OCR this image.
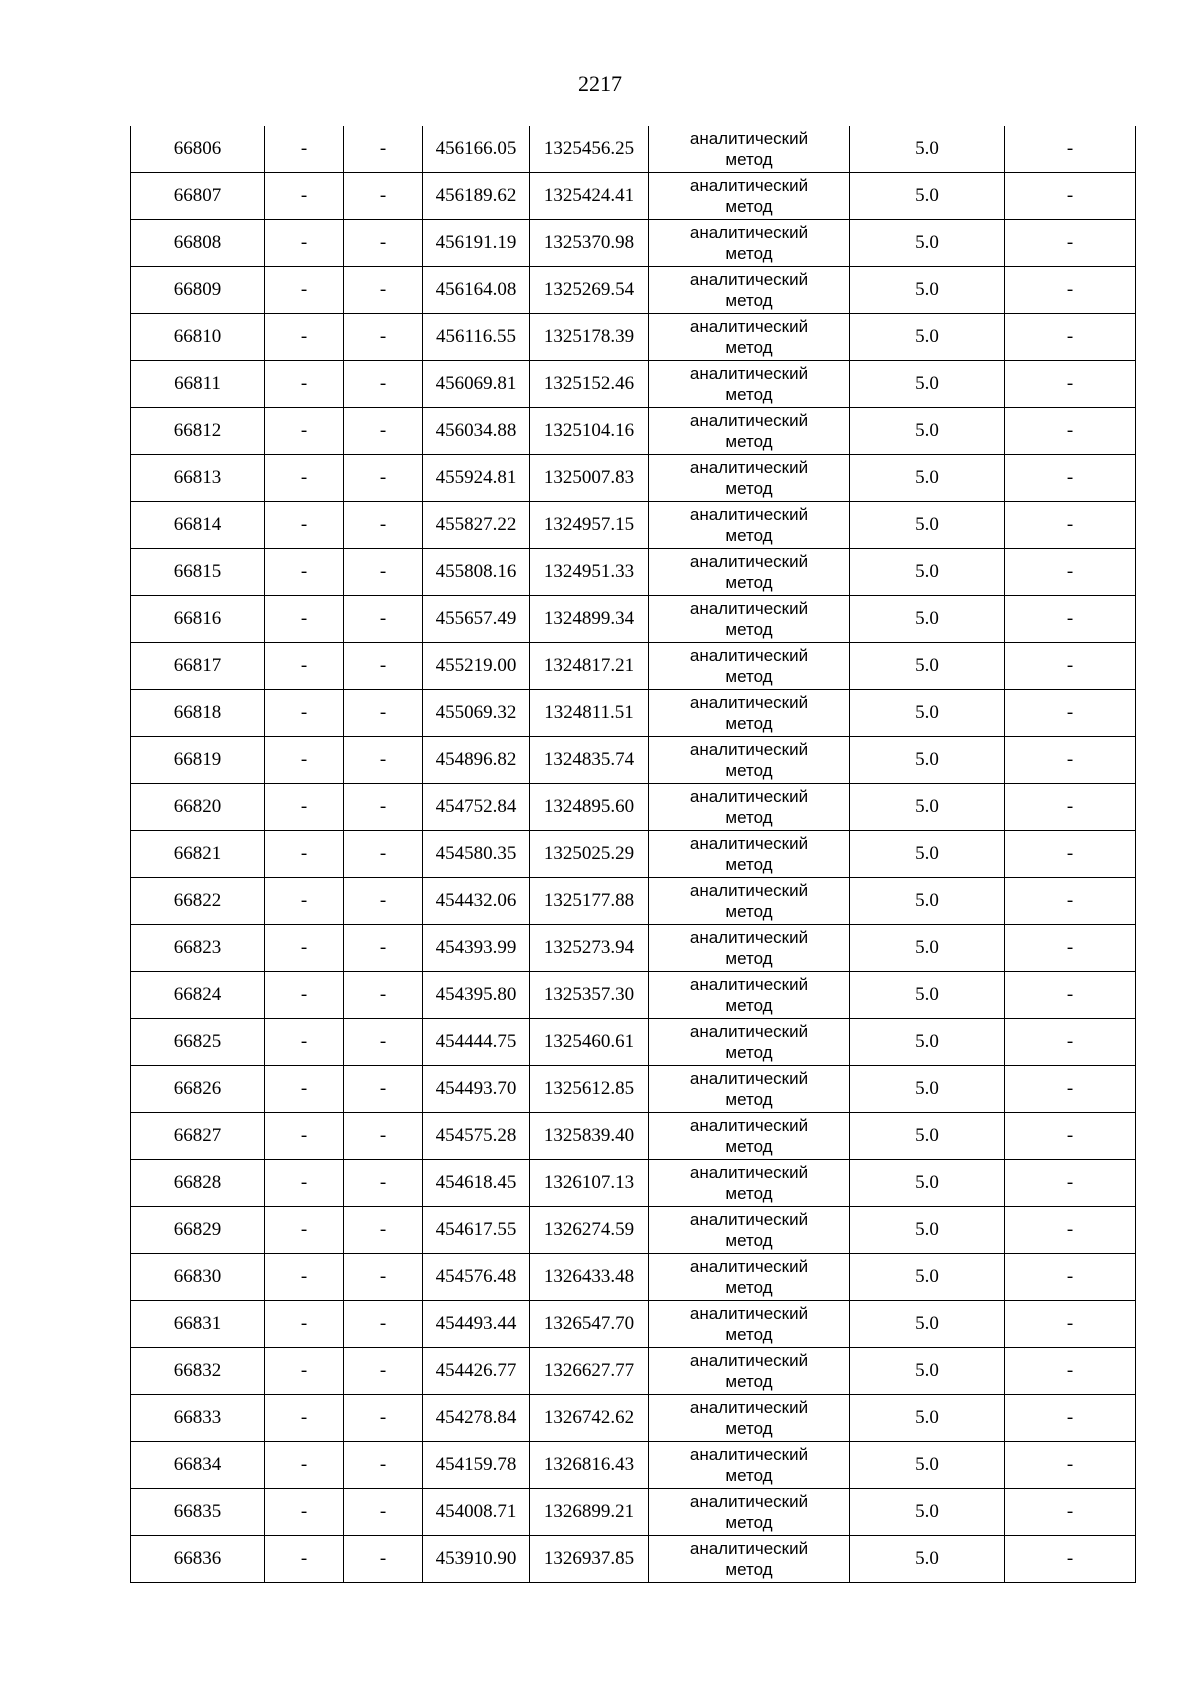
2217
66806	-	-	456166.05	1325456.25	аналитический
метод	5.0	-
66807	-	-	456189.62	1325424.41	аналитический
метод	5.0	-
66808	-	-	456191.19	1325370.98	аналитический
метод	5.0	-
66809	-	-	456164.08	1325269.54	аналитический
метод	5.0	-
66810	-	-	456116.55	1325178.39	аналитический
метод	5.0	-
66811	-	-	456069.81	1325152.46	аналитический
метод	5.0	-
66812	-	-	456034.88	1325104.16	аналитический
метод	5.0	-
66813	-	-	455924.81	1325007.83	аналитический
метод	5.0	-
66814	-	-	455827.22	1324957.15	аналитический
метод	5.0	-
66815	-	-	455808.16	1324951.33	аналитический
метод	5.0	-
66816	-	-	455657.49	1324899.34	аналитический
метод	5.0	-
66817	-	-	455219.00	1324817.21	аналитический
метод	5.0	-
66818	-	-	455069.32	1324811.51	аналитический
метод	5.0	-
66819	-	-	454896.82	1324835.74	аналитический
метод	5.0	-
66820	-	-	454752.84	1324895.60	аналитический
метод	5.0	-
66821	-	-	454580.35	1325025.29	аналитический
метод	5.0	-
66822	-	-	454432.06	1325177.88	аналитический
метод	5.0	-
66823	-	-	454393.99	1325273.94	аналитический
метод	5.0	-
66824	-	-	454395.80	1325357.30	аналитический
метод	5.0	-
66825	-	-	454444.75	1325460.61	аналитический
метод	5.0	-
66826	-	-	454493.70	1325612.85	аналитический
метод	5.0	-
66827	-	-	454575.28	1325839.40	аналитический
метод	5.0	-
66828	-	-	454618.45	1326107.13	аналитический
метод	5.0	-
66829	-	-	454617.55	1326274.59	аналитический
метод	5.0	-
66830	-	-	454576.48	1326433.48	аналитический
метод	5.0	-
66831	-	-	454493.44	1326547.70	аналитический
метод	5.0	-
66832	-	-	454426.77	1326627.77	аналитический
метод	5.0	-
66833	-	-	454278.84	1326742.62	аналитический
метод	5.0	-
66834	-	-	454159.78	1326816.43	аналитический
метод	5.0	-
66835	-	-	454008.71	1326899.21	аналитический
метод	5.0	-
66836	-	-	453910.90	1326937.85	аналитический
метод	5.0	-
